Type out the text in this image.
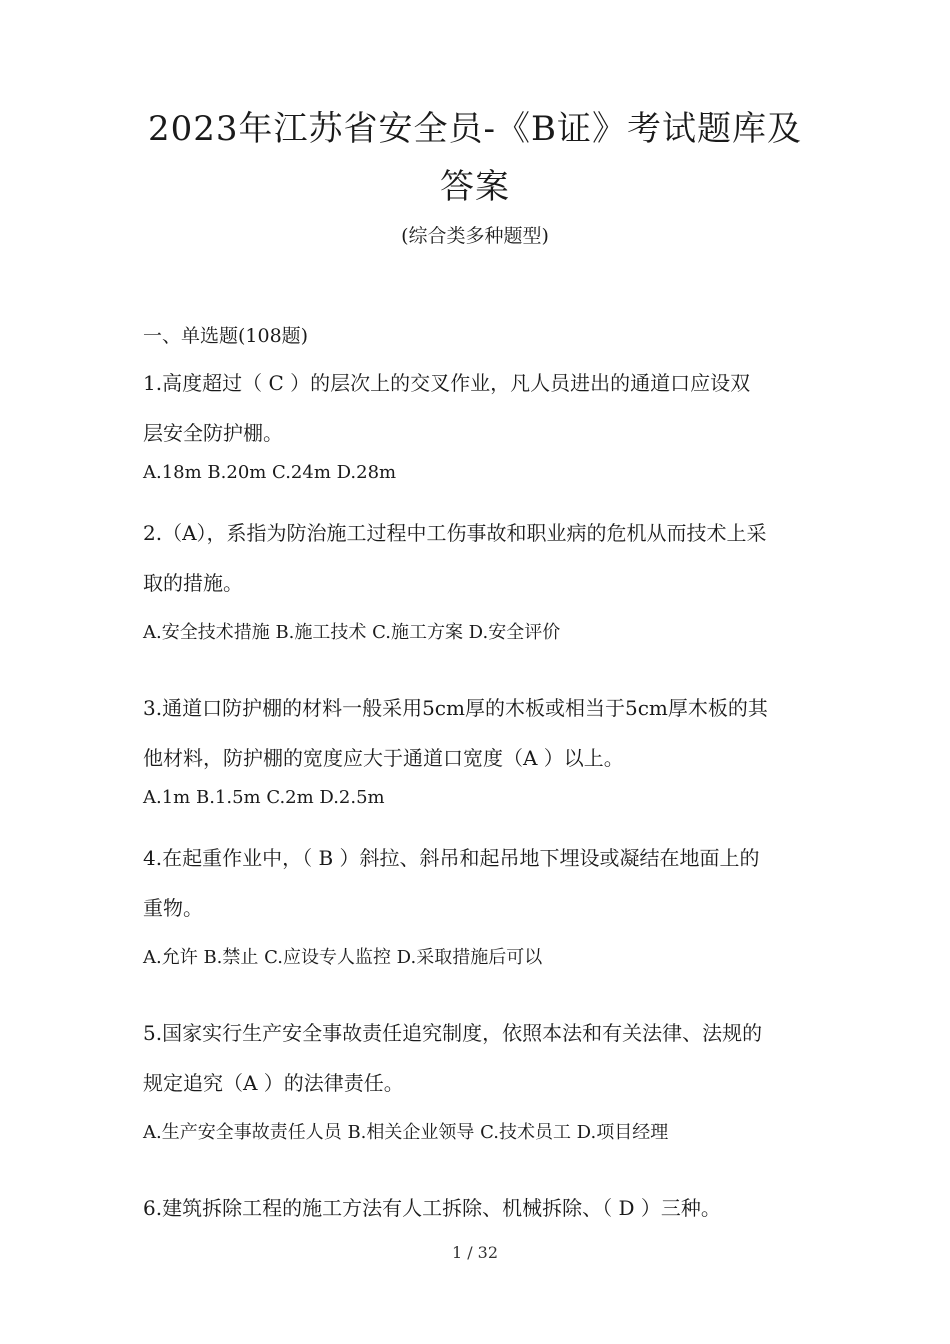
2023年江苏省安全员-《B证》考试题库及
答案
(综合类多种题型)
一、单选题(108题)
1.高度超过（ C ）的层次上的交叉作业，凡人员进出的通道口应设双
层安全防护棚。
A.18m B.20m C.24m D.28m
2.（A），系指为防治施工过程中工伤事故和职业病的危机从而技术上采
取的措施。
A.安全技术措施 B.施工技术 C.施工方案 D.安全评价
3.通道口防护棚的材料一般采用5cm厚的木板或相当于5cm厚木板的其
他材料，防护棚的宽度应大于通道口宽度（A ）以上。
A.1m B.1.5m C.2m D.2.5m
4.在起重作业中，（ B ）斜拉、斜吊和起吊地下埋设或凝结在地面上的
重物。
A.允许 B.禁止 C.应设专人监控 D.采取措施后可以
5.国家实行生产安全事故责任追究制度，依照本法和有关法律、法规的
规定追究（A ）的法律责任。
A.生产安全事故责任人员 B.相关企业领导 C.技术员工 D.项目经理
6.建筑拆除工程的施工方法有人工拆除、机械拆除、（ D ）三种。
1 / 32
